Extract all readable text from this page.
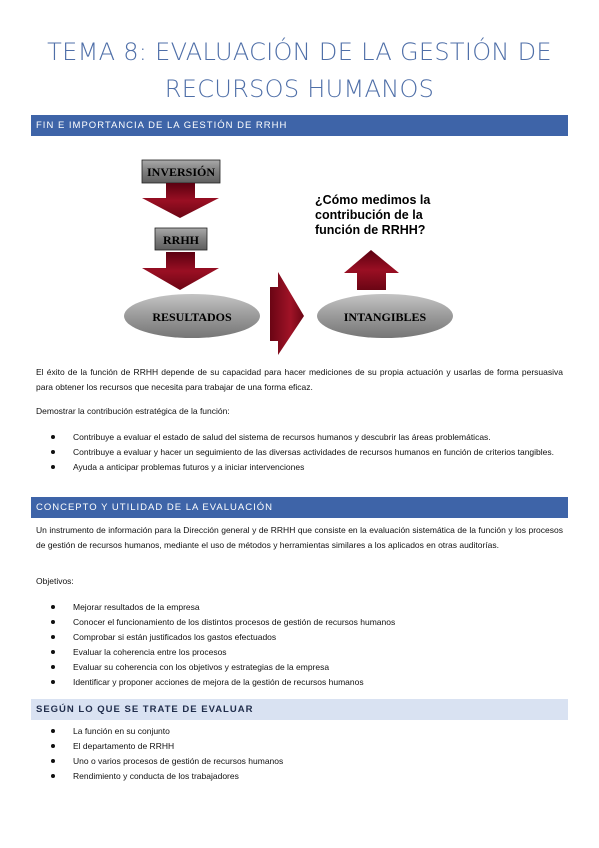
TEMA 8: EVALUACIÓN DE LA GESTIÓN DE
RECURSOS HUMANOS
FIN E IMPORTANCIA DE LA GESTIÓN DE RRHH
INVERSIÓN
RRHH
RESULTADOS	INTANGIBLES
¿Cómo medimos la
contribución de la
función de RRHH?
El éxito de la función de RRHH depende de su capacidad para hacer mediciones de su propia actuación y usarlas de forma persuasiva para obtener los recursos que necesita para trabajar de una forma eficaz.
Demostrar la contribución estratégica de la función:
Contribuye a evaluar el estado de salud del sistema de recursos humanos y descubrir las áreas problemáticas.
Contribuye a evaluar y hacer un seguimiento de las diversas actividades de recursos humanos en función de criterios tangibles.
Ayuda a anticipar problemas futuros y a iniciar intervenciones
CONCEPTO Y UTILIDAD DE LA EVALUACIÓN
Un instrumento de información para la Dirección general y de RRHH que consiste en la evaluación sistemática de la función y los procesos de gestión de recursos humanos, mediante el uso de métodos y herramientas similares a los aplicados en otras auditorías.
Objetivos:
Mejorar resultados de la empresa
Conocer el funcionamiento de los distintos procesos de gestión de recursos humanos
Comprobar si están justificados los gastos efectuados
Evaluar la coherencia entre los procesos
Evaluar su coherencia con los objetivos y estrategias de la empresa
Identificar y proponer acciones de mejora de la gestión de recursos humanos
SEGÚN LO QUE SE TRATE DE EVALUAR
La función en su conjunto
El departamento de RRHH
Uno o varios procesos de gestión de recursos humanos
Rendimiento y conducta de los trabajadores
